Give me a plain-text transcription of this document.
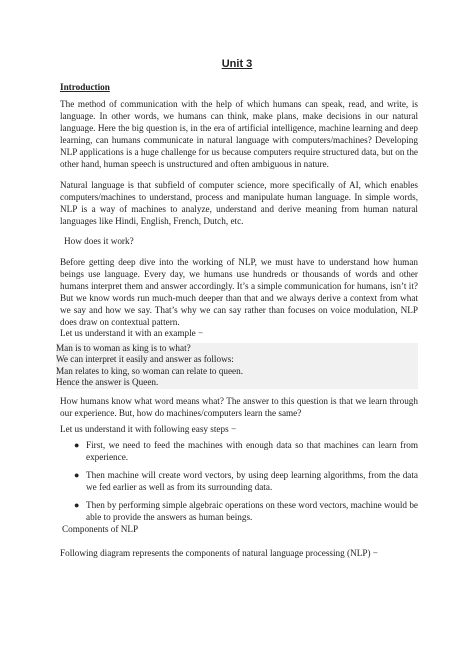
Unit 3
Introduction
The method of communication with the help of which humans can speak, read, and write, is language. In other words, we humans can think, make plans, make decisions in our natural language. Here the big question is, in the era of artificial intelligence, machine learning and deep learning, can humans communicate in natural language with computers/machines? Developing NLP applications is a huge challenge for us because computers require structured data, but on the other hand, human speech is unstructured and often ambiguous in nature.
Natural language is that subfield of computer science, more specifically of AI, which enables computers/machines to understand, process and manipulate human language. In simple words, NLP is a way of machines to analyze, understand and derive meaning from human natural languages like Hindi, English, French, Dutch, etc.
How does it work?
Before getting deep dive into the working of NLP, we must have to understand how human beings use language. Every day, we humans use hundreds or thousands of words and other humans interpret them and answer accordingly. It’s a simple communication for humans, isn’t it? But we know words run much-much deeper than that and we always derive a context from what we say and how we say. That’s why we can say rather than focuses on voice modulation, NLP does draw on contextual pattern.
Let us understand it with an example −
Man is to woman as king is to what?
We can interpret it easily and answer as follows:
Man relates to king, so woman can relate to queen.
Hence the answer is Queen.
How humans know what word means what? The answer to this question is that we learn through our experience. But, how do machines/computers learn the same?
Let us understand it with following easy steps −
● First, we need to feed the machines with enough data so that machines can learn from experience.
● Then machine will create word vectors, by using deep learning algorithms, from the data we fed earlier as well as from its surrounding data.
● Then by performing simple algebraic operations on these word vectors, machine would be able to provide the answers as human beings.
Components of NLP
Following diagram represents the components of natural language processing (NLP) −
